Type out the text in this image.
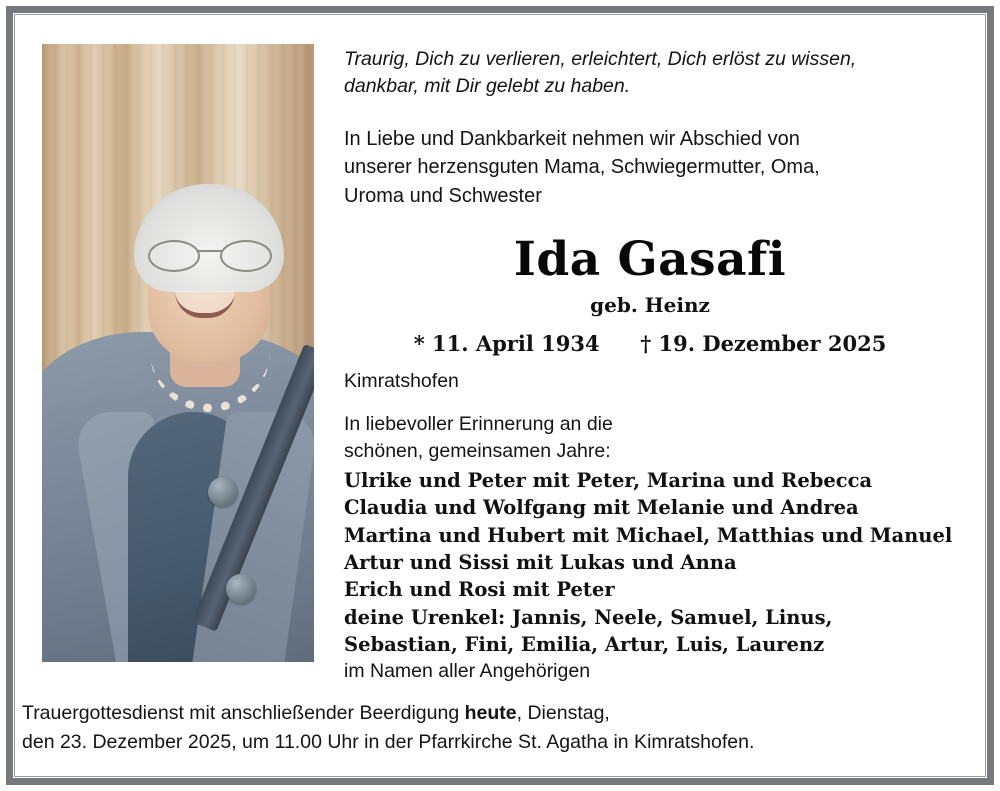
Traurig, Dich zu verlieren, erleichtert, Dich erlöst zu wissen,
dankbar, mit Dir gelebt zu haben.
In Liebe und Dankbarkeit nehmen wir Abschied von
unserer herzensguten Mama, Schwiegermutter, Oma,
Uroma und Schwester
Ida Gasafi
geb. Heinz
* 11. April 1934 † 19. Dezember 2025
Kimratshofen
In liebevoller Erinnerung an die
schönen, gemeinsamen Jahre:
Ulrike und Peter mit Peter, Marina und Rebecca
Claudia und Wolfgang mit Melanie und Andrea
Martina und Hubert mit Michael, Matthias und Manuel
Artur und Sissi mit Lukas und Anna
Erich und Rosi mit Peter
deine Urenkel: Jannis, Neele, Samuel, Linus,
Sebastian, Fini, Emilia, Artur, Luis, Laurenz
im Namen aller Angehörigen
Trauergottesdienst mit anschließender Beerdigung heute, Dienstag,
den 23. Dezember 2025, um 11.00 Uhr in der Pfarrkirche St. Agatha in Kimratshofen.
